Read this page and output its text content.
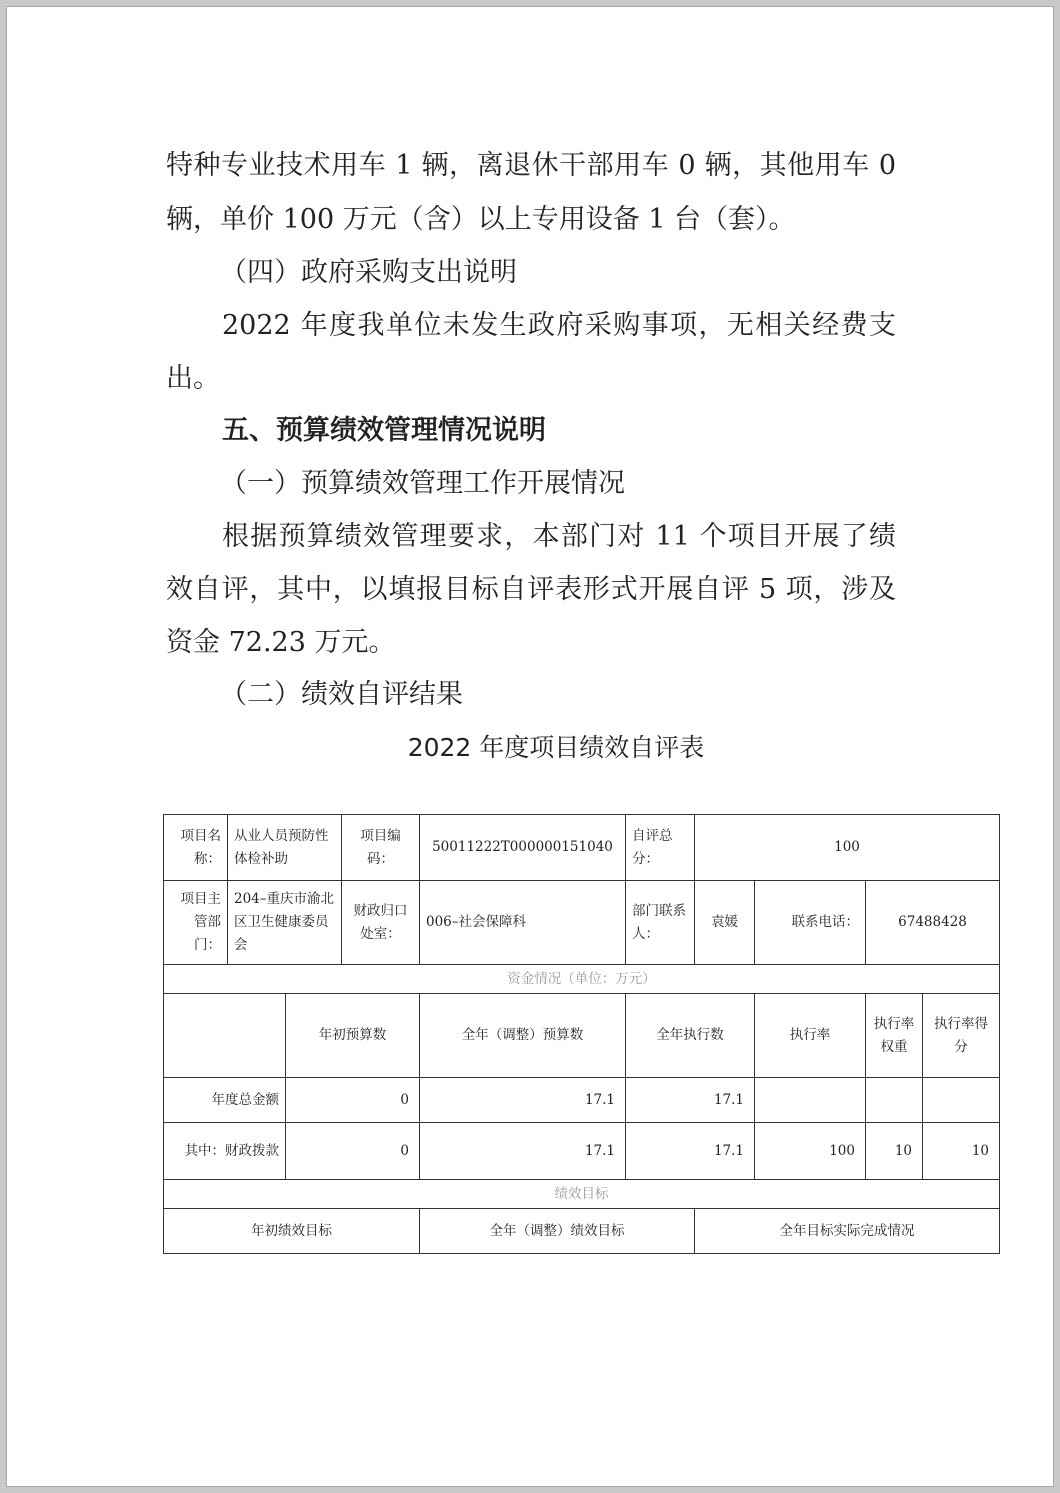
特种专业技术用车 1 辆，离退休干部用车 0 辆，其他用车 0

辆，单价 100 万元（含）以上专用设备 1 台（套）。

（四）政府采购支出说明

2022 年度我单位未发生政府采购事项，无相关经费支

出。

五、预算绩效管理情况说明

（一）预算绩效管理工作开展情况

根据预算绩效管理要求，本部门对 11 个项目开展了绩

效自评，其中，以填报目标自评表形式开展自评 5 项，涉及

资金 72.23 万元。

（二）绩效自评结果

2022 年度项目绩效自评表
项目名称：	从业人员预防性体检补助		项目编码：	50011222T000000151040	自评总分：	100			
项目主管部门：	204–重庆市渝北区卫生健康委员会		财政归口处室：	006–社会保障科	部门联系人：	袁媛	联系电话：	67488428	
资金情况（单位：万元）									
		年初预算数		全年（调整）预算数	全年执行数		执行率	执行率权重	执行率得分
年度总金额		0		17.1	17.1				
其中：财政拨款		0		17.1	17.1		100	10	10
绩效目标									
年初绩效目标				全年（调整）绩效目标		全年目标实际完成情况			
